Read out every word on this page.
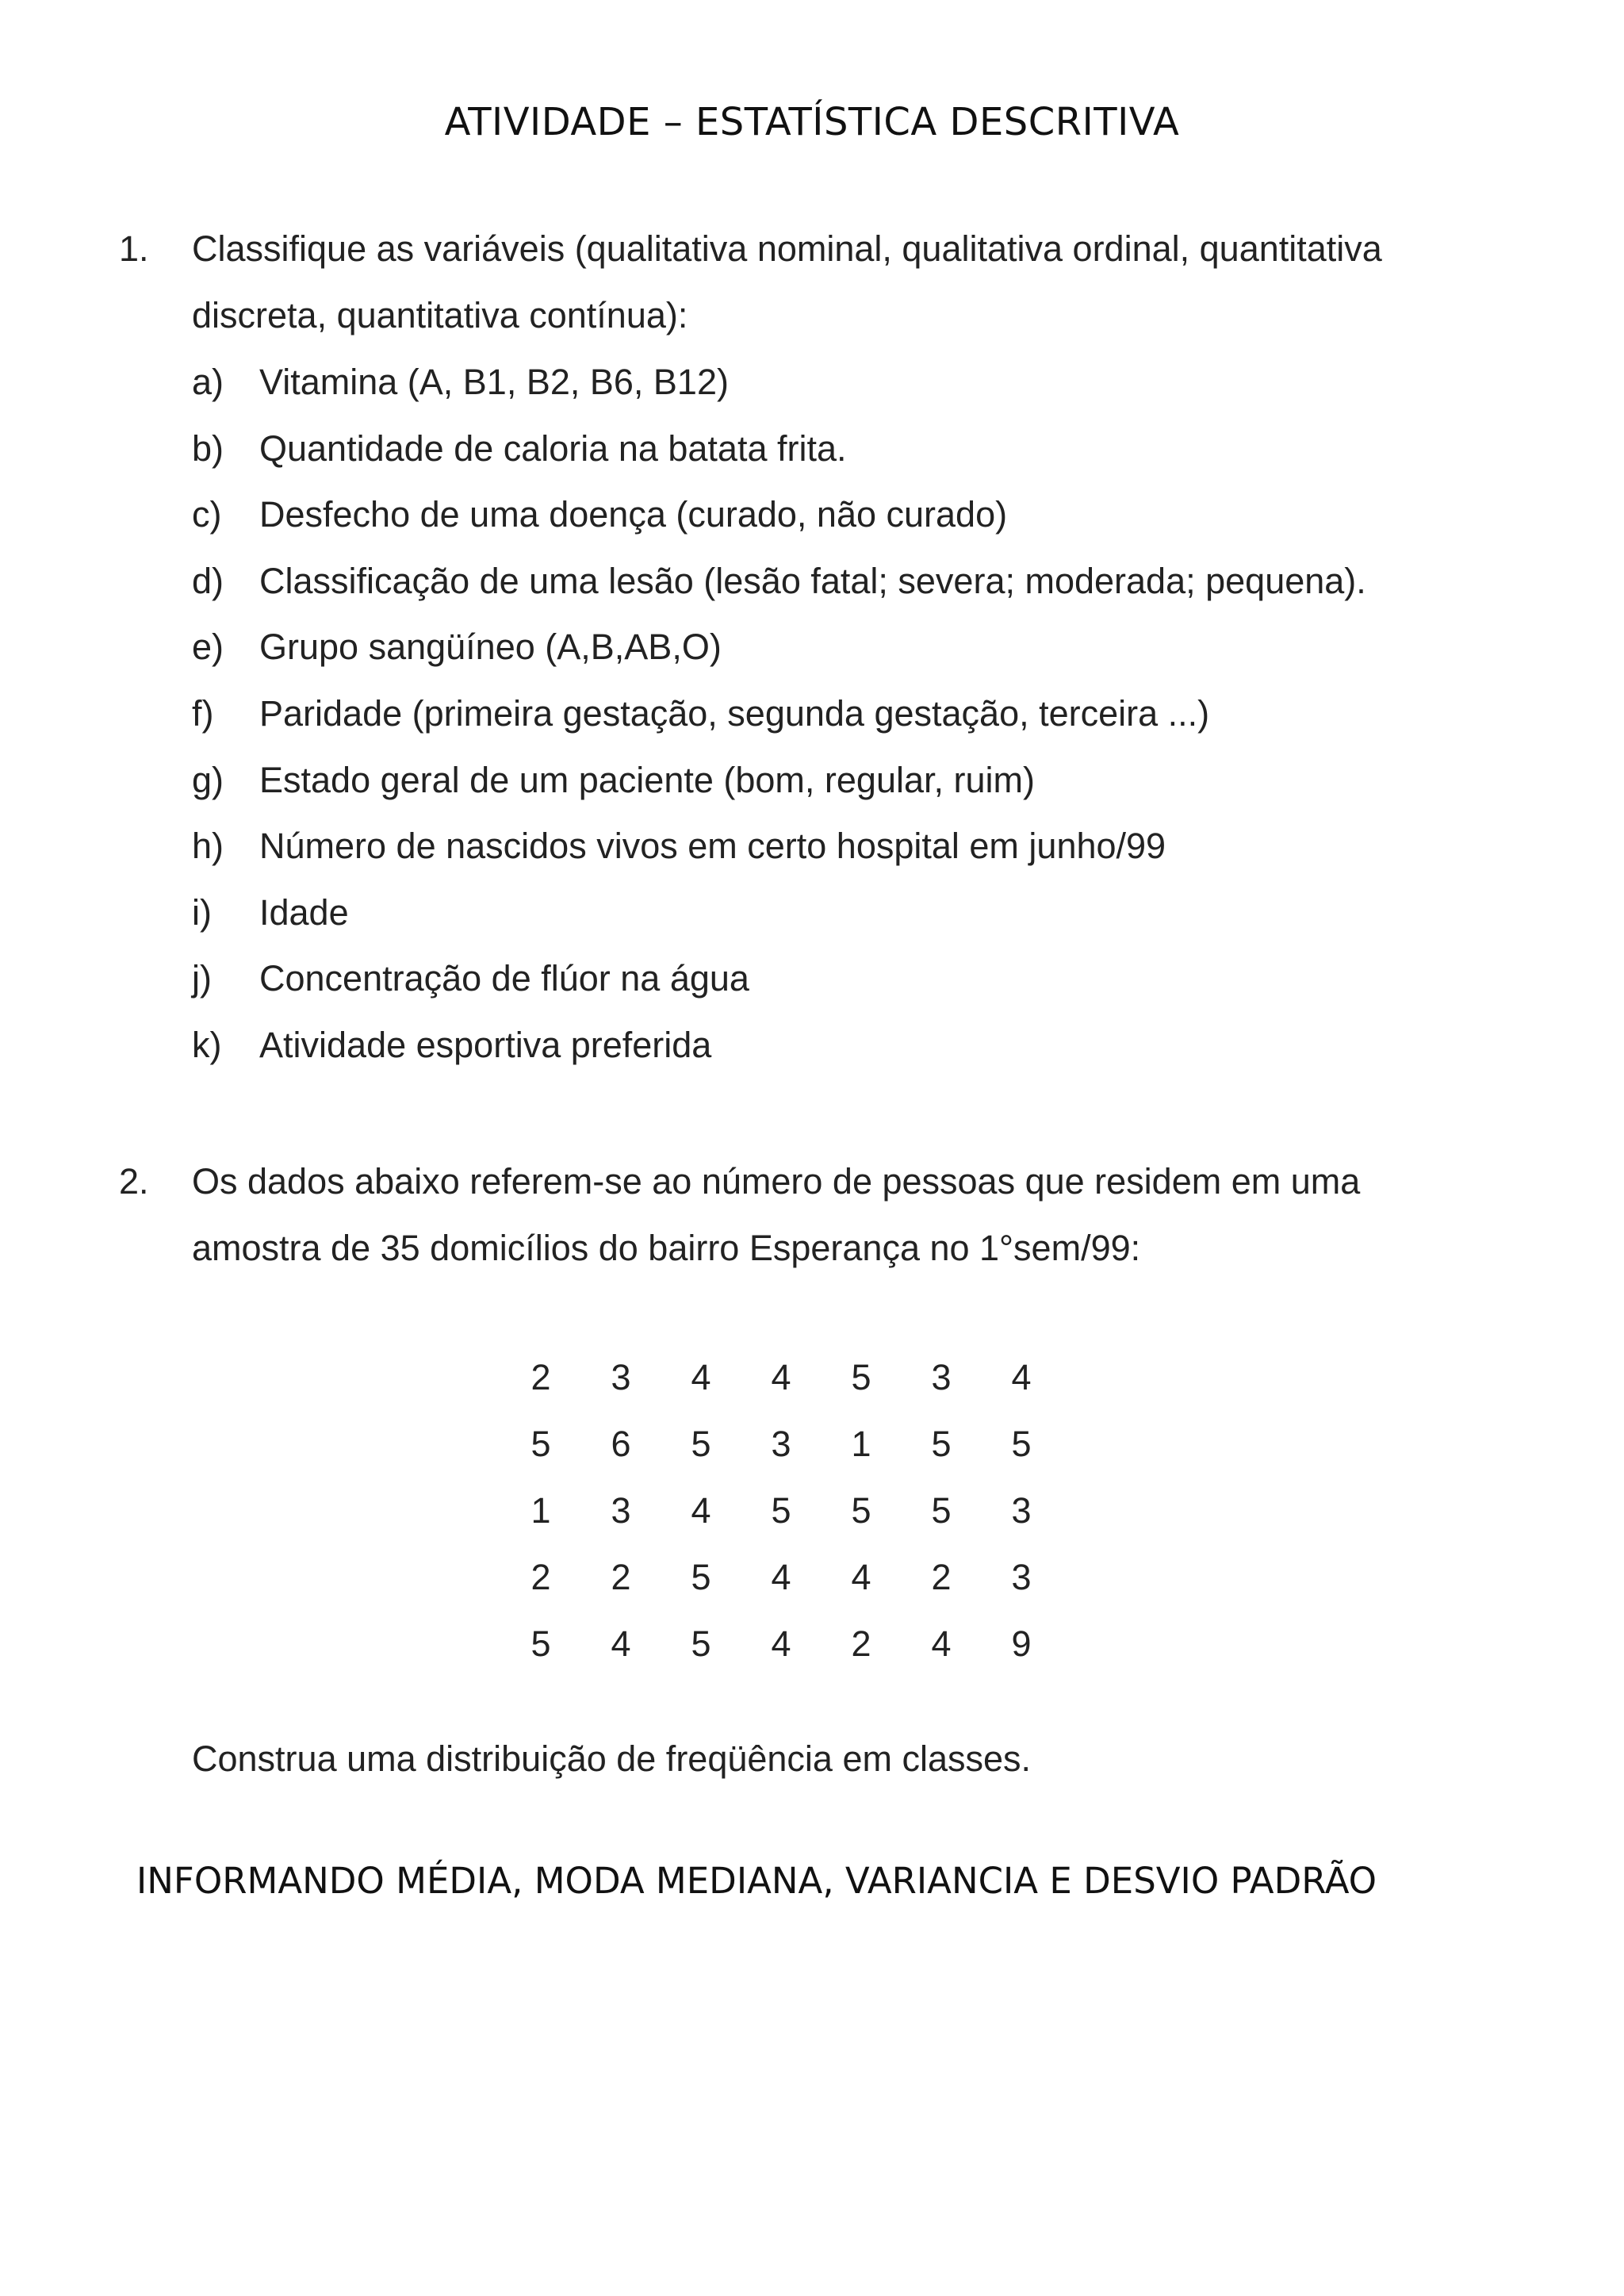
ATIVIDADE – ESTATÍSTICA DESCRITIVA
1. Classifique as variáveis (qualitativa nominal, qualitativa ordinal, quantitativa
discreta, quantitativa contínua):
a) Vitamina (A, B1, B2, B6, B12)
b) Quantidade de caloria na batata frita.
c) Desfecho de uma doença (curado, não curado)
d) Classificação de uma lesão (lesão fatal; severa; moderada; pequena).
e) Grupo sangüíneo (A,B,AB,O)
f) Paridade (primeira gestação, segunda gestação, terceira ...)
g) Estado geral de um paciente (bom, regular, ruim)
h) Número de nascidos vivos em certo hospital em junho/99
i) Idade
j) Concentração de flúor na água
k) Atividade esportiva preferida
2. Os dados abaixo referem-se ao número de pessoas que residem em uma
amostra de 35 domicílios do bairro Esperança no 1°sem/99:
2 3 4 4 5 3 4
5 6 5 3 1 5 5
1 3 4 5 5 5 3
2 2 5 4 4 2 3
5 4 5 4 2 4 9
Construa uma distribuição de freqüência em classes.
INFORMANDO MÉDIA, MODA MEDIANA, VARIANCIA E DESVIO PADRÃO
